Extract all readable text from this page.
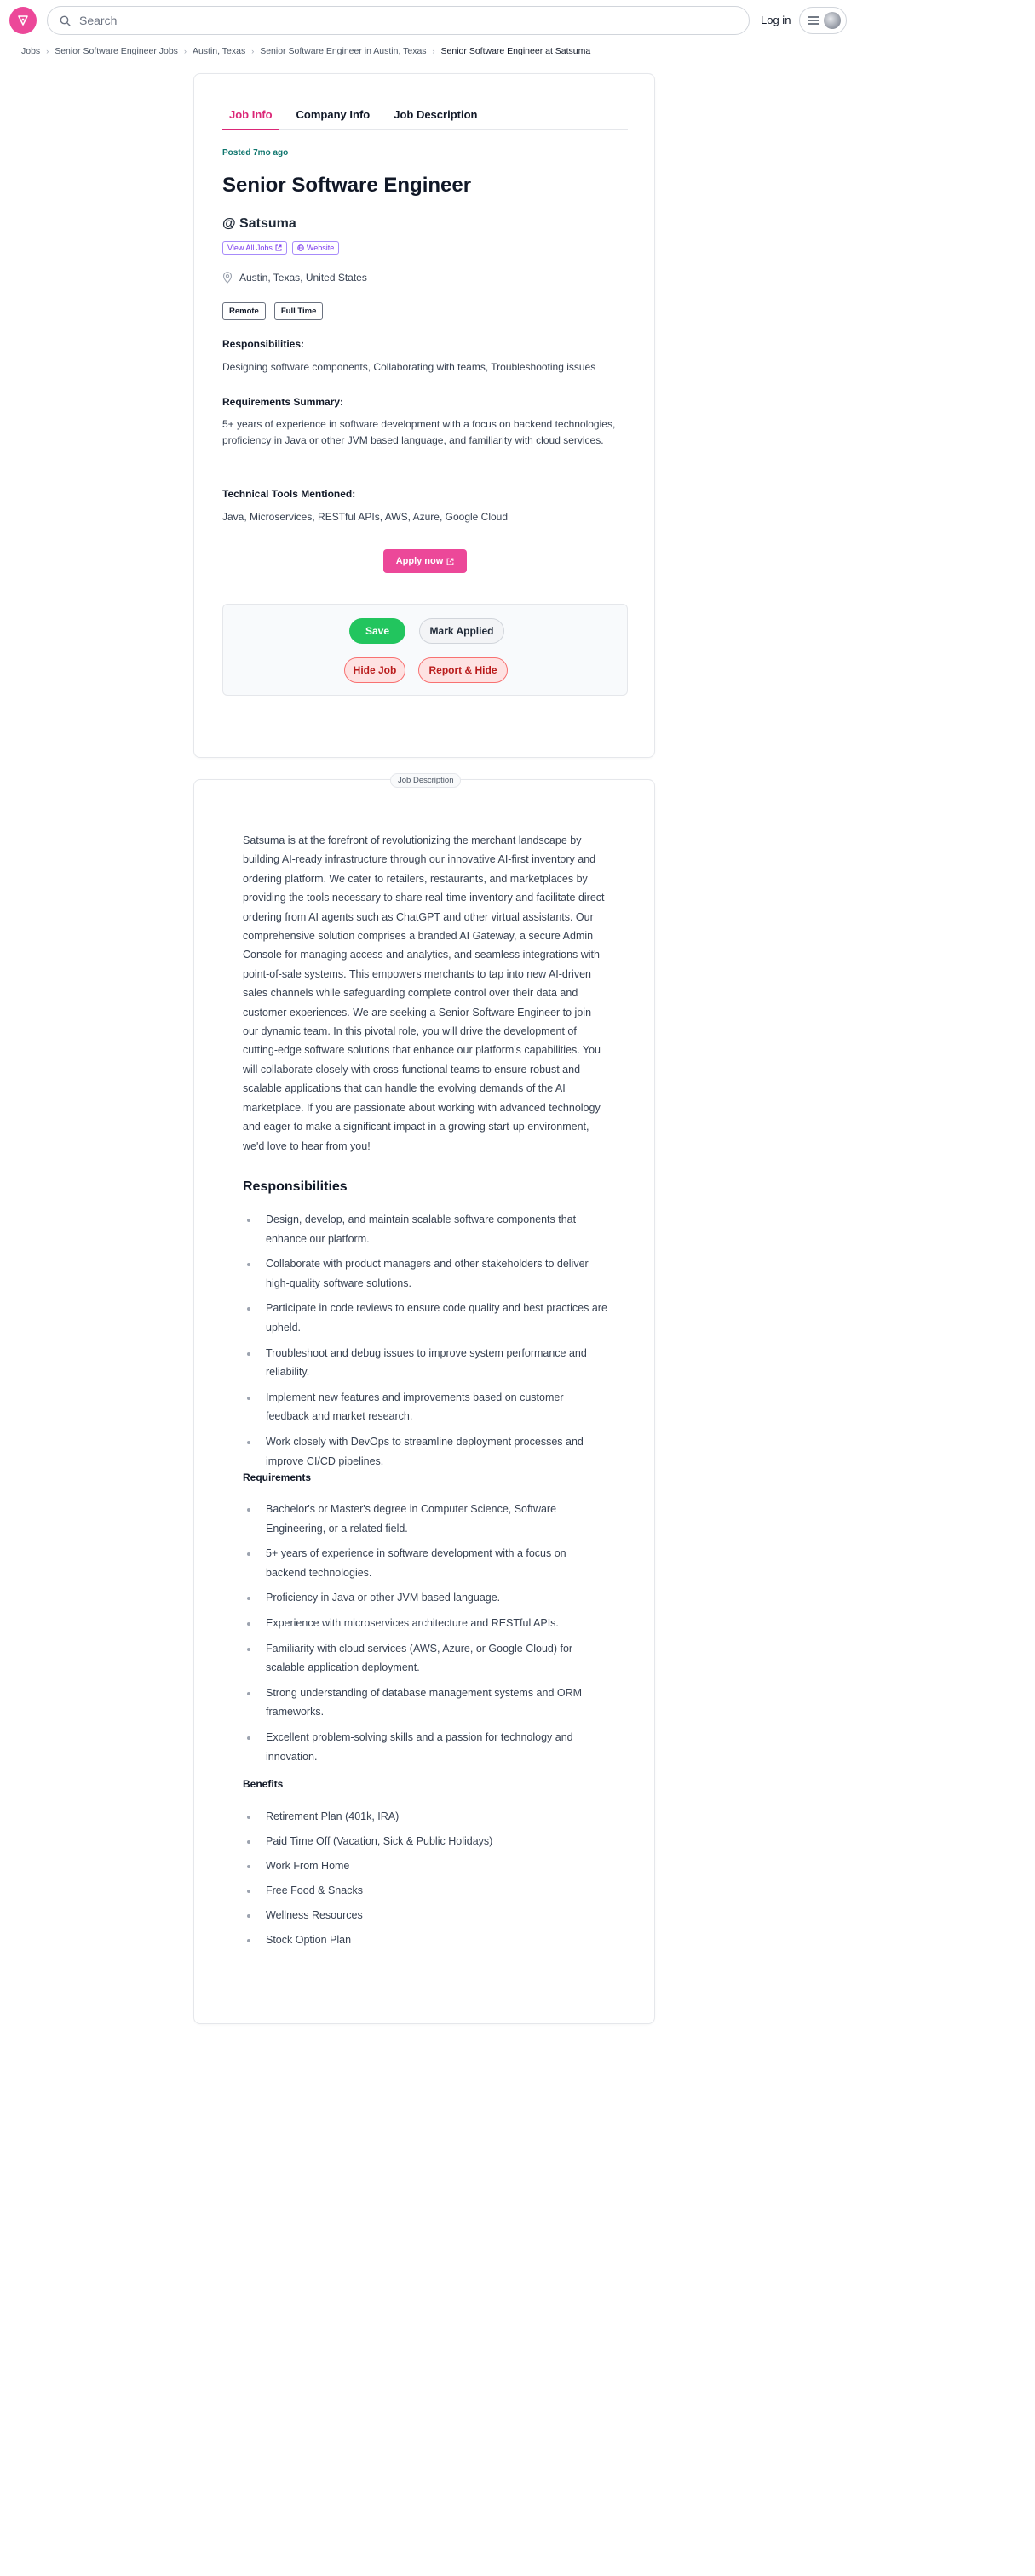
Search
Log in
Jobs › Senior Software Engineer Jobs › Austin, Texas › Senior Software Engineer in Austin, Texas › Senior Software Engineer at Satsuma
Job Info	Company Info	Job Description
Posted 7mo ago
Senior Software Engineer
@ Satsuma
View All Jobs	Website
Austin, Texas, United States
Remote	Full Time
Responsibilities:
Designing software components, Collaborating with teams, Troubleshooting issues
Requirements Summary:
5+ years of experience in software development with a focus on backend technologies, proficiency in Java or other JVM based language, and familiarity with cloud services.
Technical Tools Mentioned:
Java, Microservices, RESTful APIs, AWS, Azure, Google Cloud
Apply now
Save	Mark Applied
Hide Job	Report & Hide
Job Description
Satsuma is at the forefront of revolutionizing the merchant landscape by building AI-ready infrastructure through our innovative AI-first inventory and ordering platform. We cater to retailers, restaurants, and marketplaces by providing the tools necessary to share real-time inventory and facilitate direct ordering from AI agents such as ChatGPT and other virtual assistants. Our comprehensive solution comprises a branded AI Gateway, a secure Admin Console for managing access and analytics, and seamless integrations with point-of-sale systems. This empowers merchants to tap into new AI-driven sales channels while safeguarding complete control over their data and customer experiences. We are seeking a Senior Software Engineer to join our dynamic team. In this pivotal role, you will drive the development of cutting-edge software solutions that enhance our platform's capabilities. You will collaborate closely with cross-functional teams to ensure robust and scalable applications that can handle the evolving demands of the AI marketplace. If you are passionate about working with advanced technology and eager to make a significant impact in a growing start-up environment, we'd love to hear from you!
Responsibilities
Design, develop, and maintain scalable software components that enhance our platform.
Collaborate with product managers and other stakeholders to deliver high-quality software solutions.
Participate in code reviews to ensure code quality and best practices are upheld.
Troubleshoot and debug issues to improve system performance and reliability.
Implement new features and improvements based on customer feedback and market research.
Work closely with DevOps to streamline deployment processes and improve CI/CD pipelines.
Requirements
Bachelor's or Master's degree in Computer Science, Software Engineering, or a related field.
5+ years of experience in software development with a focus on backend technologies.
Proficiency in Java or other JVM based language.
Experience with microservices architecture and RESTful APIs.
Familiarity with cloud services (AWS, Azure, or Google Cloud) for scalable application deployment.
Strong understanding of database management systems and ORM frameworks.
Excellent problem-solving skills and a passion for technology and innovation.
Benefits
Retirement Plan (401k, IRA)
Paid Time Off (Vacation, Sick & Public Holidays)
Work From Home
Free Food & Snacks
Wellness Resources
Stock Option Plan
